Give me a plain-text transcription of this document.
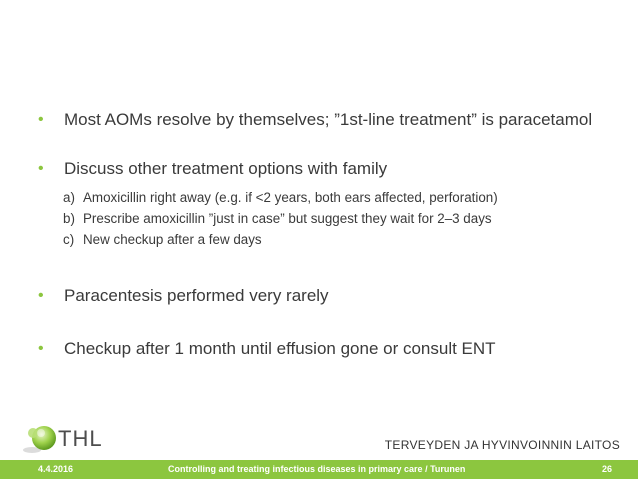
• Most AOMs resolve by themselves; ”1st-line treatment” is paracetamol
• Discuss other treatment options with family
a) Amoxicillin right away (e.g. if <2 years, both ears affected, perforation)
b) Prescribe amoxicillin ”just in case” but suggest they wait for 2–3 days
c) New checkup after a few days
• Paracentesis performed very rarely
• Checkup after 1 month until effusion gone or consult ENT
THL	TERVEYDEN JA HYVINVOINNIN LAITOS
4.4.2016	Controlling and treating infectious diseases in primary care / Turunen	26
